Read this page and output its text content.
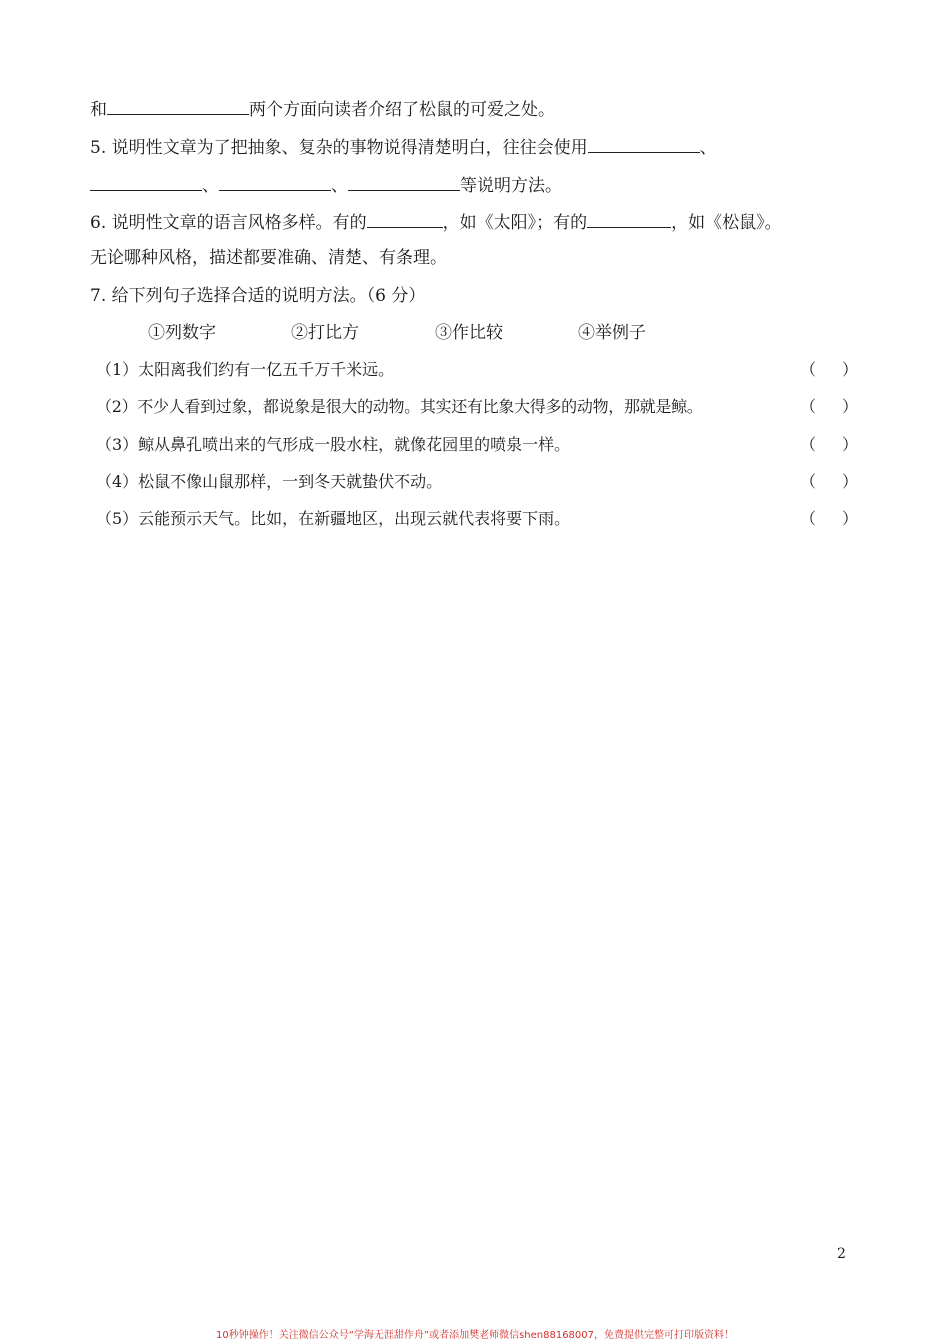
和	两个方面向读者介绍了松鼠的可爱之处。
5. 说明性文章为了把抽象、复杂的事物说得清楚明白，往往会使用	、
、	、	等说明方法。
6. 说明性文章的语言风格多样。有的	，如《太阳》；有的	，如《松鼠》。
无论哪种风格，描述都要准确、清楚、有条理。
7. 给下列句子选择合适的说明方法。（6 分）
①列数字	②打比方	③作比较	④举例子
（1）太阳离我们约有一亿五千万千米远。	（ ）
（2）不少人看到过象，都说象是很大的动物。其实还有比象大得多的动物，那就是鲸。	（ ）
（3）鲸从鼻孔喷出来的气形成一股水柱，就像花园里的喷泉一样。	（ ）
（4）松鼠不像山鼠那样，一到冬天就蛰伏不动。	（ ）
（5）云能预示天气。比如，在新疆地区，出现云就代表将要下雨。	（ ）
2
10秒钟操作！关注微信公众号“学海无涯甜作舟”或者添加樊老师微信shen88168007，免费提供完整可打印版资料！
